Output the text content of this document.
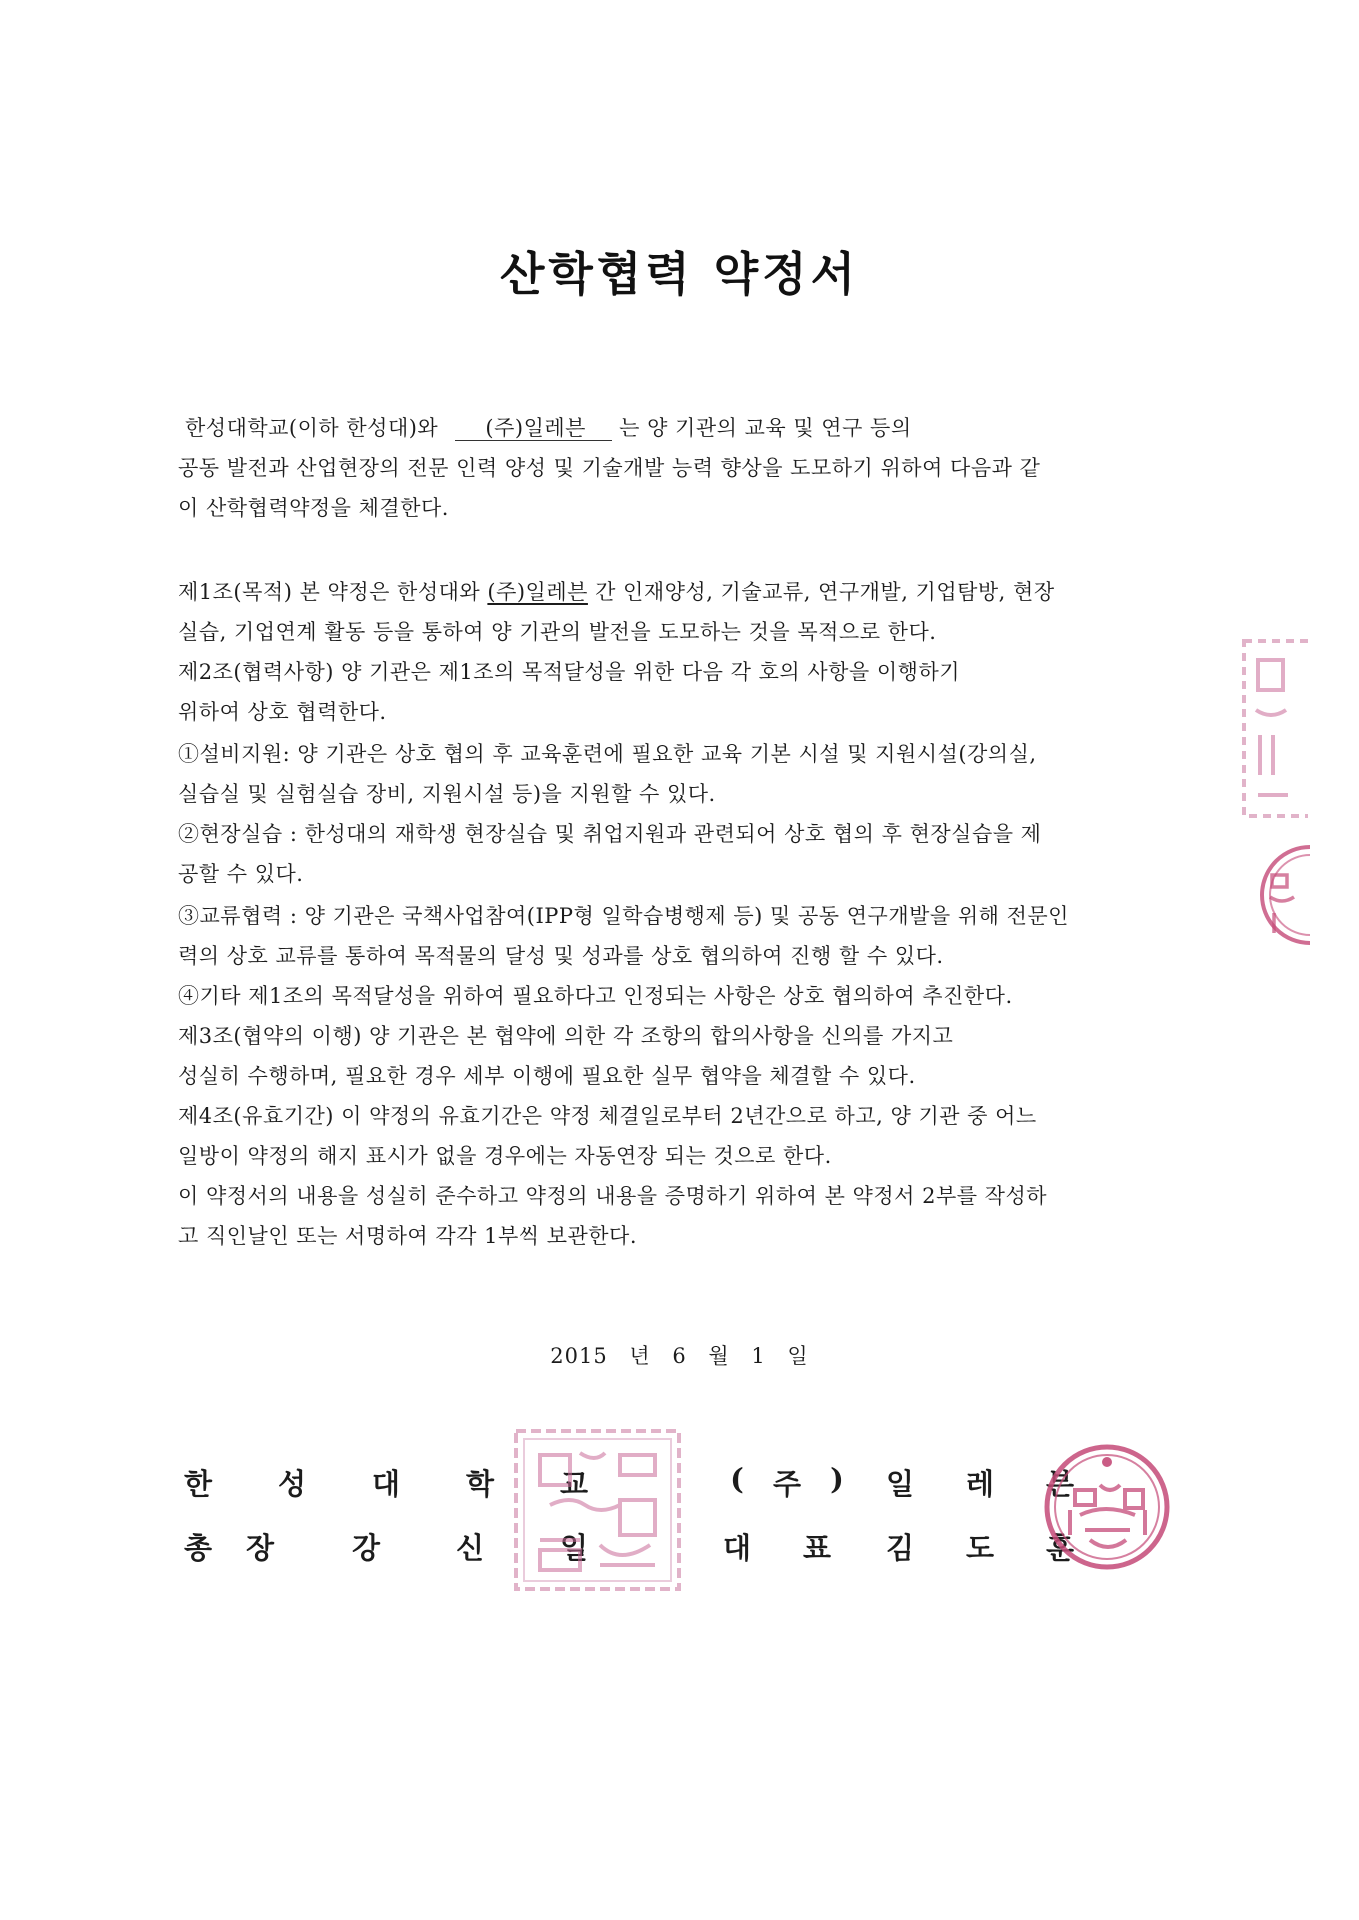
산학협력 약정서
한성대학교(이하 한성대)와 (주)일레븐 는 양 기관의 교육 및 연구 등의
공동 발전과 산업현장의 전문 인력 양성 및 기술개발 능력 향상을 도모하기 위하여 다음과 같
이 산학협력약정을 체결한다.
제1조(목적) 본 약정은 한성대와 (주)일레븐 간 인재양성, 기술교류, 연구개발, 기업탐방, 현장
실습, 기업연계 활동 등을 통하여 양 기관의 발전을 도모하는 것을 목적으로 한다.
제2조(협력사항) 양 기관은 제1조의 목적달성을 위한 다음 각 호의 사항을 이행하기
위하여 상호 협력한다.
①설비지원: 양 기관은 상호 협의 후 교육훈련에 필요한 교육 기본 시설 및 지원시설(강의실,
실습실 및 실험실습 장비, 지원시설 등)을 지원할 수 있다.
②현장실습 : 한성대의 재학생 현장실습 및 취업지원과 관련되어 상호 협의 후 현장실습을 제
공할 수 있다.
③교류협력 : 양 기관은 국책사업참여(IPP형 일학습병행제 등) 및 공동 연구개발을 위해 전문인
력의 상호 교류를 통하여 목적물의 달성 및 성과를 상호 협의하여 진행 할 수 있다.
④기타 제1조의 목적달성을 위하여 필요하다고 인정되는 사항은 상호 협의하여 추진한다.
제3조(협약의 이행) 양 기관은 본 협약에 의한 각 조항의 합의사항을 신의를 가지고
성실히 수행하며, 필요한 경우 세부 이행에 필요한 실무 협약을 체결할 수 있다.
제4조(유효기간) 이 약정의 유효기간은 약정 체결일로부터 2년간으로 하고, 양 기관 중 어느
일방이 약정의 해지 표시가 없을 경우에는 자동연장 되는 것으로 한다.
이 약정서의 내용을 성실히 준수하고 약정의 내용을 증명하기 위하여 본 약정서 2부를 작성하
고 직인날인 또는 서명하여 각각 1부씩 보관한다.
2015 년 6 월 1 일
한 성 대 학 교	(	주	)	일 레 븐
총 장	강	신	일	대 표 김 도 훈
